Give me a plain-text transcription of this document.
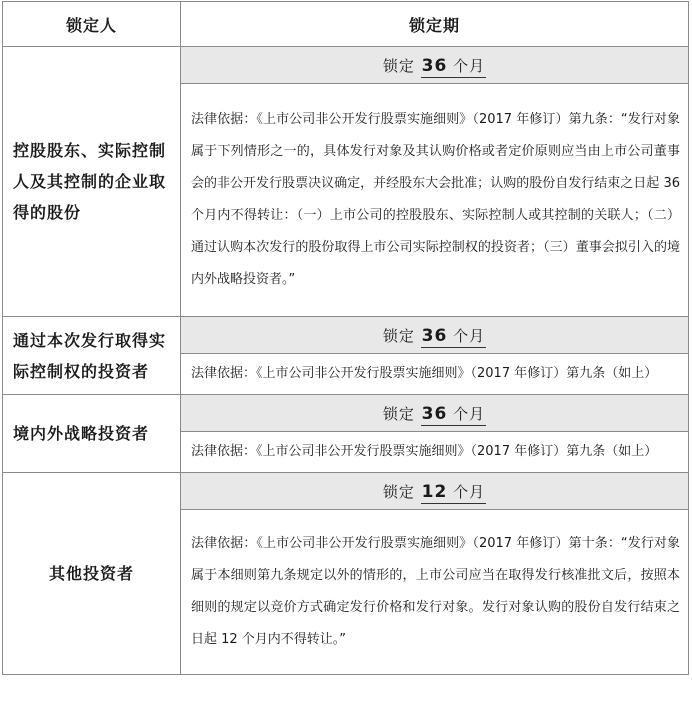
锁定人	锁定期
控股股东、实际控制人及其控制的企业取得的股份	锁定 36 个月
	法律依据：《上市公司非公开发行股票实施细则》（2017 年修订）第九条：“发行对象属于下列情形之一的，具体发行对象及其认购价格或者定价原则应当由上市公司董事会的非公开发行股票决议确定，并经股东大会批准；认购的股份自发行结束之日起 36 个月内不得转让：（一）上市公司的控股股东、实际控制人或其控制的关联人；（二）通过认购本次发行的股份取得上市公司实际控制权的投资者；（三）董事会拟引入的境内外战略投资者。”
通过本次发行取得实际控制权的投资者	锁定 36 个月
	法律依据：《上市公司非公开发行股票实施细则》（2017 年修订）第九条（如上）
境内外战略投资者	锁定 36 个月
	法律依据：《上市公司非公开发行股票实施细则》（2017 年修订）第九条（如上）
其他投资者	锁定 12 个月
	法律依据：《上市公司非公开发行股票实施细则》（2017 年修订）第十条：“发行对象属于本细则第九条规定以外的情形的，上市公司应当在取得发行核准批文后，按照本细则的规定以竞价方式确定发行价格和发行对象。发行对象认购的股份自发行结束之日起 12 个月内不得转让。”
